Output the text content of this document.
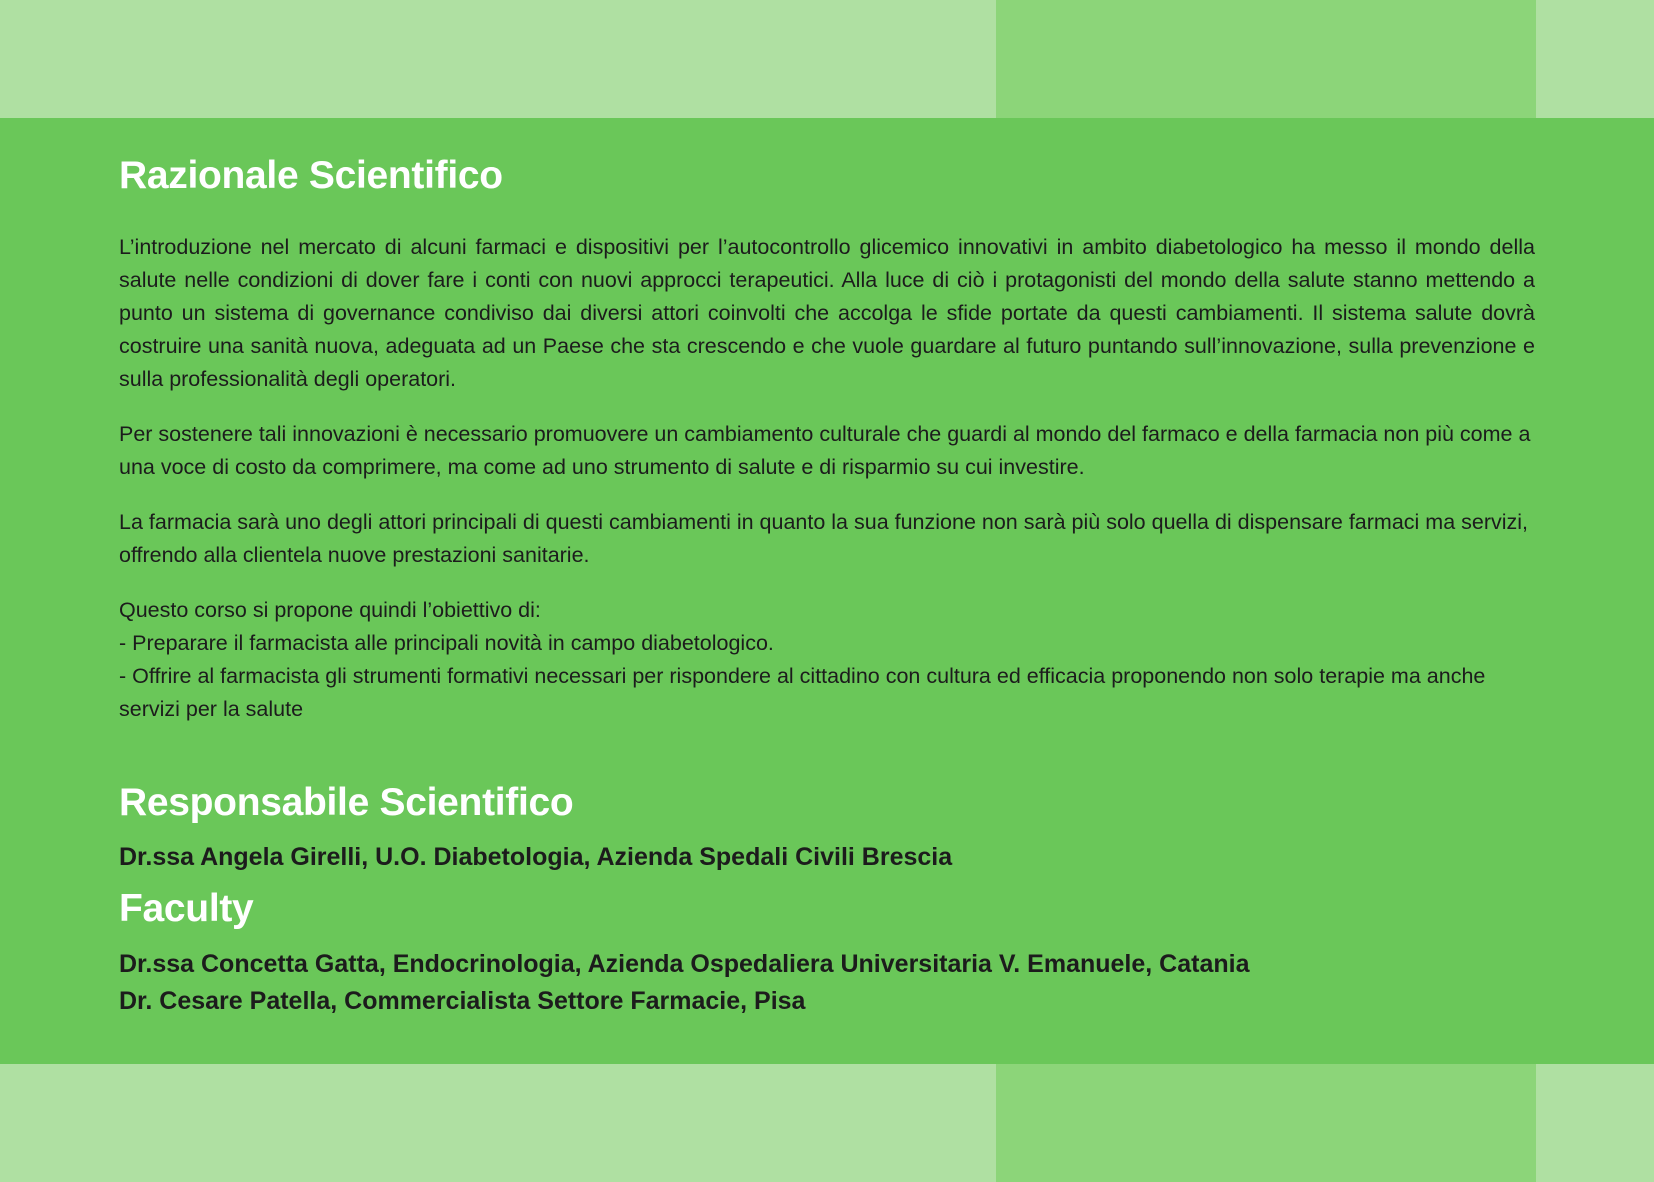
Razionale Scientifico

L’introduzione nel mercato di alcuni farmaci e dispositivi per l’autocontrollo glicemico innovativi in ambito diabetologico ha messo il mondo della salute nelle condizioni di dover fare i conti con nuovi approcci terapeutici. Alla luce di ciò i protagonisti del mondo della salute stanno mettendo a punto un sistema di governance condiviso dai diversi attori coinvolti che accolga le sfide portate da questi cambiamenti. Il sistema salute dovrà costruire una sanità nuova, adeguata ad un Paese che sta crescendo e che vuole guardare al futuro puntando sull’innovazione, sulla prevenzione e sulla professionalità degli operatori.

Per sostenere tali innovazioni è necessario promuovere un cambiamento culturale che guardi al mondo del farmaco e della farmacia non più come a una voce di costo da comprimere, ma come ad uno strumento di salute e di risparmio su cui investire.

La farmacia sarà uno degli attori principali di questi cambiamenti in quanto la sua funzione non sarà più solo quella di dispensare farmaci ma servizi, offrendo alla clientela nuove prestazioni sanitarie.

Questo corso si propone quindi l’obiettivo di:
- Preparare il farmacista alle principali novità in campo diabetologico.
- Offrire al farmacista gli strumenti formativi necessari per rispondere al cittadino con cultura ed efficacia proponendo non solo terapie ma anche servizi per la salute
Responsabile Scientifico
Dr.ssa Angela Girelli, U.O. Diabetologia, Azienda Spedali Civili Brescia
Faculty
Dr.ssa Concetta Gatta, Endocrinologia, Azienda Ospedaliera Universitaria V. Emanuele, Catania
Dr. Cesare Patella, Commercialista Settore Farmacie, Pisa
